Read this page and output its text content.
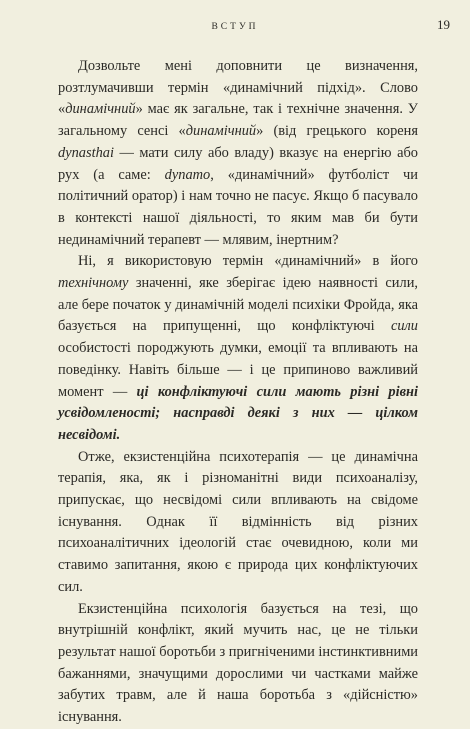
ВСТУП	19

Дозвольте мені доповнити це визначення, розтлумачивши термін «динамічний підхід». Слово «динамічний» має як загальне, так і технічне значення. У загальному сенсі «динамічний» (від грецького кореня dynasthai — мати силу або владу) вказує на енергію або рух (а саме: dynamo, «динамічний» футболіст чи політичний оратор) і нам точно не пасує. Якщо б пасувало в контексті нашої діяльності, то яким мав би бути нединамічний терапевт — млявим, інертним?

Ні, я використовую термін «динамічний» в його технічному значенні, яке зберігає ідею наявності сили, але бере початок у динамічній моделі психіки Фройда, яка базується на припущенні, що конфліктуючі сили особистості породжують думки, емоції та впливають на поведінку. Навіть більше — і це припиново важливий момент — ці конфліктуючі сили мають різні рівні усвідомленості; насправді деякі з них — цілком несвідомі.

Отже, екзистенційна психотерапія — це динамічна терапія, яка, як і різноманітні види психоаналізу, припускає, що несвідомі сили впливають на свідоме існування. Однак її відмінність від різних психоаналітичних ідеологій стає очевидною, коли ми ставимо запитання, якою є природа цих конфліктуючих сил.

Екзистенційна психологія базується на тезі, що внутрішній конфлікт, який мучить нас, це не тільки результат нашої боротьби з пригніченими інстинктивними бажаннями, значущими дорослими чи частками майже забутих травм, але й наша боротьба з «дійсністю» існування.
